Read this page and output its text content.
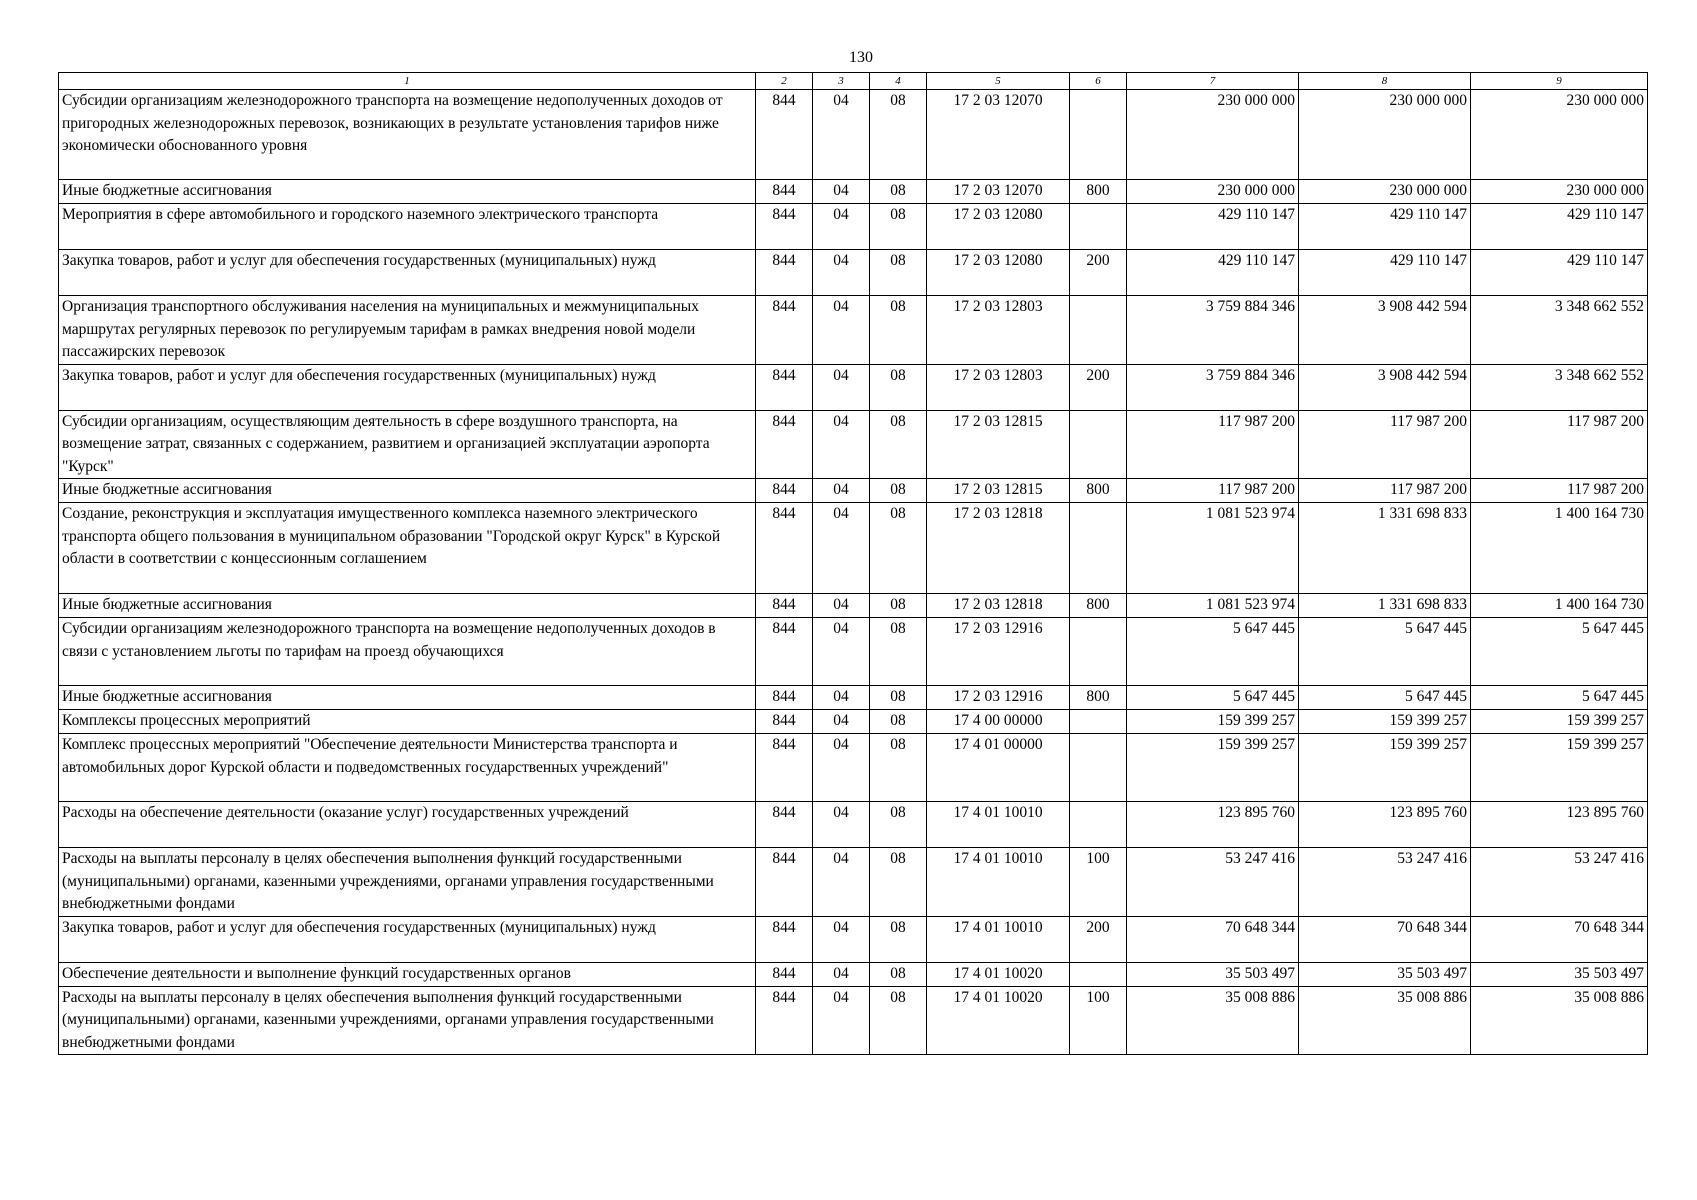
130
1	2	3	4	5	6	7	8	9
Субсидии организациям железнодорожного транспорта на возмещение недополученных доходов от пригородных железнодорожных перевозок, возникающих в результате установления тарифов ниже экономически обоснованного уровня	844	04	08	17 2 03 12070		230 000 000	230 000 000	230 000 000
Иные бюджетные ассигнования	844	04	08	17 2 03 12070	800	230 000 000	230 000 000	230 000 000
Мероприятия в сфере автомобильного и городского наземного электрического транспорта	844	04	08	17 2 03 12080		429 110 147	429 110 147	429 110 147
Закупка товаров, работ и услуг для обеспечения государственных (муниципальных) нужд	844	04	08	17 2 03 12080	200	429 110 147	429 110 147	429 110 147
Организация транспортного обслуживания населения на муниципальных и межмуниципальных маршрутах регулярных перевозок по регулируемым тарифам в рамках внедрения новой модели пассажирских перевозок	844	04	08	17 2 03 12803		3 759 884 346	3 908 442 594	3 348 662 552
Закупка товаров, работ и услуг для обеспечения государственных (муниципальных) нужд	844	04	08	17 2 03 12803	200	3 759 884 346	3 908 442 594	3 348 662 552
Субсидии организациям, осуществляющим деятельность в сфере воздушного транспорта, на возмещение затрат, связанных с содержанием, развитием и организацией эксплуатации аэропорта "Курск"	844	04	08	17 2 03 12815		117 987 200	117 987 200	117 987 200
Иные бюджетные ассигнования	844	04	08	17 2 03 12815	800	117 987 200	117 987 200	117 987 200
Создание, реконструкция и эксплуатация имущественного комплекса наземного электрического транспорта общего пользования в муниципальном образовании "Городской округ Курск" в Курской области в соответствии с концессионным соглашением	844	04	08	17 2 03 12818		1 081 523 974	1 331 698 833	1 400 164 730
Иные бюджетные ассигнования	844	04	08	17 2 03 12818	800	1 081 523 974	1 331 698 833	1 400 164 730
Субсидии организациям железнодорожного транспорта на возмещение недополученных доходов в связи с установлением льготы по тарифам на проезд обучающихся	844	04	08	17 2 03 12916		5 647 445	5 647 445	5 647 445
Иные бюджетные ассигнования	844	04	08	17 2 03 12916	800	5 647 445	5 647 445	5 647 445
Комплексы процессных мероприятий	844	04	08	17 4 00 00000		159 399 257	159 399 257	159 399 257
Комплекс процессных мероприятий "Обеспечение деятельности Министерства транспорта и автомобильных дорог Курской области и подведомственных государственных учреждений"	844	04	08	17 4 01 00000		159 399 257	159 399 257	159 399 257
Расходы на обеспечение деятельности (оказание услуг) государственных учреждений	844	04	08	17 4 01 10010		123 895 760	123 895 760	123 895 760
Расходы на выплаты персоналу в целях обеспечения выполнения функций государственными (муниципальными) органами, казенными учреждениями, органами управления государственными внебюджетными фондами	844	04	08	17 4 01 10010	100	53 247 416	53 247 416	53 247 416
Закупка товаров, работ и услуг для обеспечения государственных (муниципальных) нужд	844	04	08	17 4 01 10010	200	70 648 344	70 648 344	70 648 344
Обеспечение деятельности и выполнение функций государственных органов	844	04	08	17 4 01 10020		35 503 497	35 503 497	35 503 497
Расходы на выплаты персоналу в целях обеспечения выполнения функций государственными (муниципальными) органами, казенными учреждениями, органами управления государственными внебюджетными фондами	844	04	08	17 4 01 10020	100	35 008 886	35 008 886	35 008 886
